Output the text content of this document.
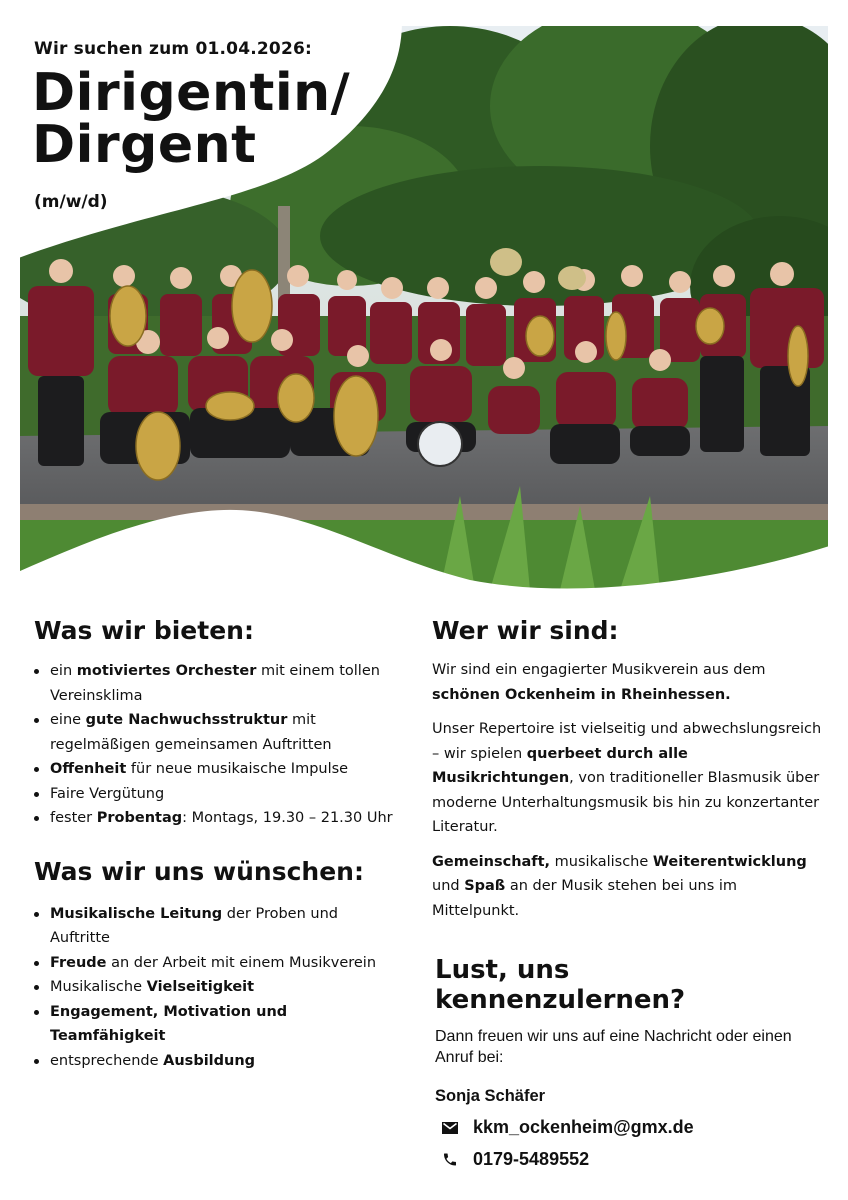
Wir suchen zum 01.04.2026:

Dirigentin/
Dirgent

(m/w/d)

Was wir bieten:
ein motiviertes Orchester mit einem tollen Vereinsklima
eine gute Nachwuchsstruktur mit regelmäßigen gemeinsamen Auftritten
Offenheit für neue musikaische Impulse
Faire Vergütung
fester Probentag: Montags, 19.30 – 21.30 Uhr
Was wir uns wünschen:
Musikalische Leitung der Proben und Auftritte
Freude an der Arbeit mit einem Musikverein
Musikalische Vielseitigkeit
Engagement, Motivation und Teamfähigkeit
entsprechende Ausbildung
Wer wir sind:

Wir sind ein engagierter Musikverein aus dem schönen Ockenheim in Rheinhessen.

Unser Repertoire ist vielseitig und abwechslungsreich – wir spielen querbeet durch alle Musikrichtungen, von traditioneller Blasmusik über moderne Unterhaltungsmusik bis hin zu konzertanter Literatur.

Gemeinschaft, musikalische Weiterentwicklung und Spaß an der Musik stehen bei uns im Mittelpunkt.

Lust, uns kennenzulernen?

Dann freuen wir uns auf eine Nachricht oder einen Anruf bei:

Sonja Schäfer

kkm_ockenheim@gmx.de
0179-5489552
